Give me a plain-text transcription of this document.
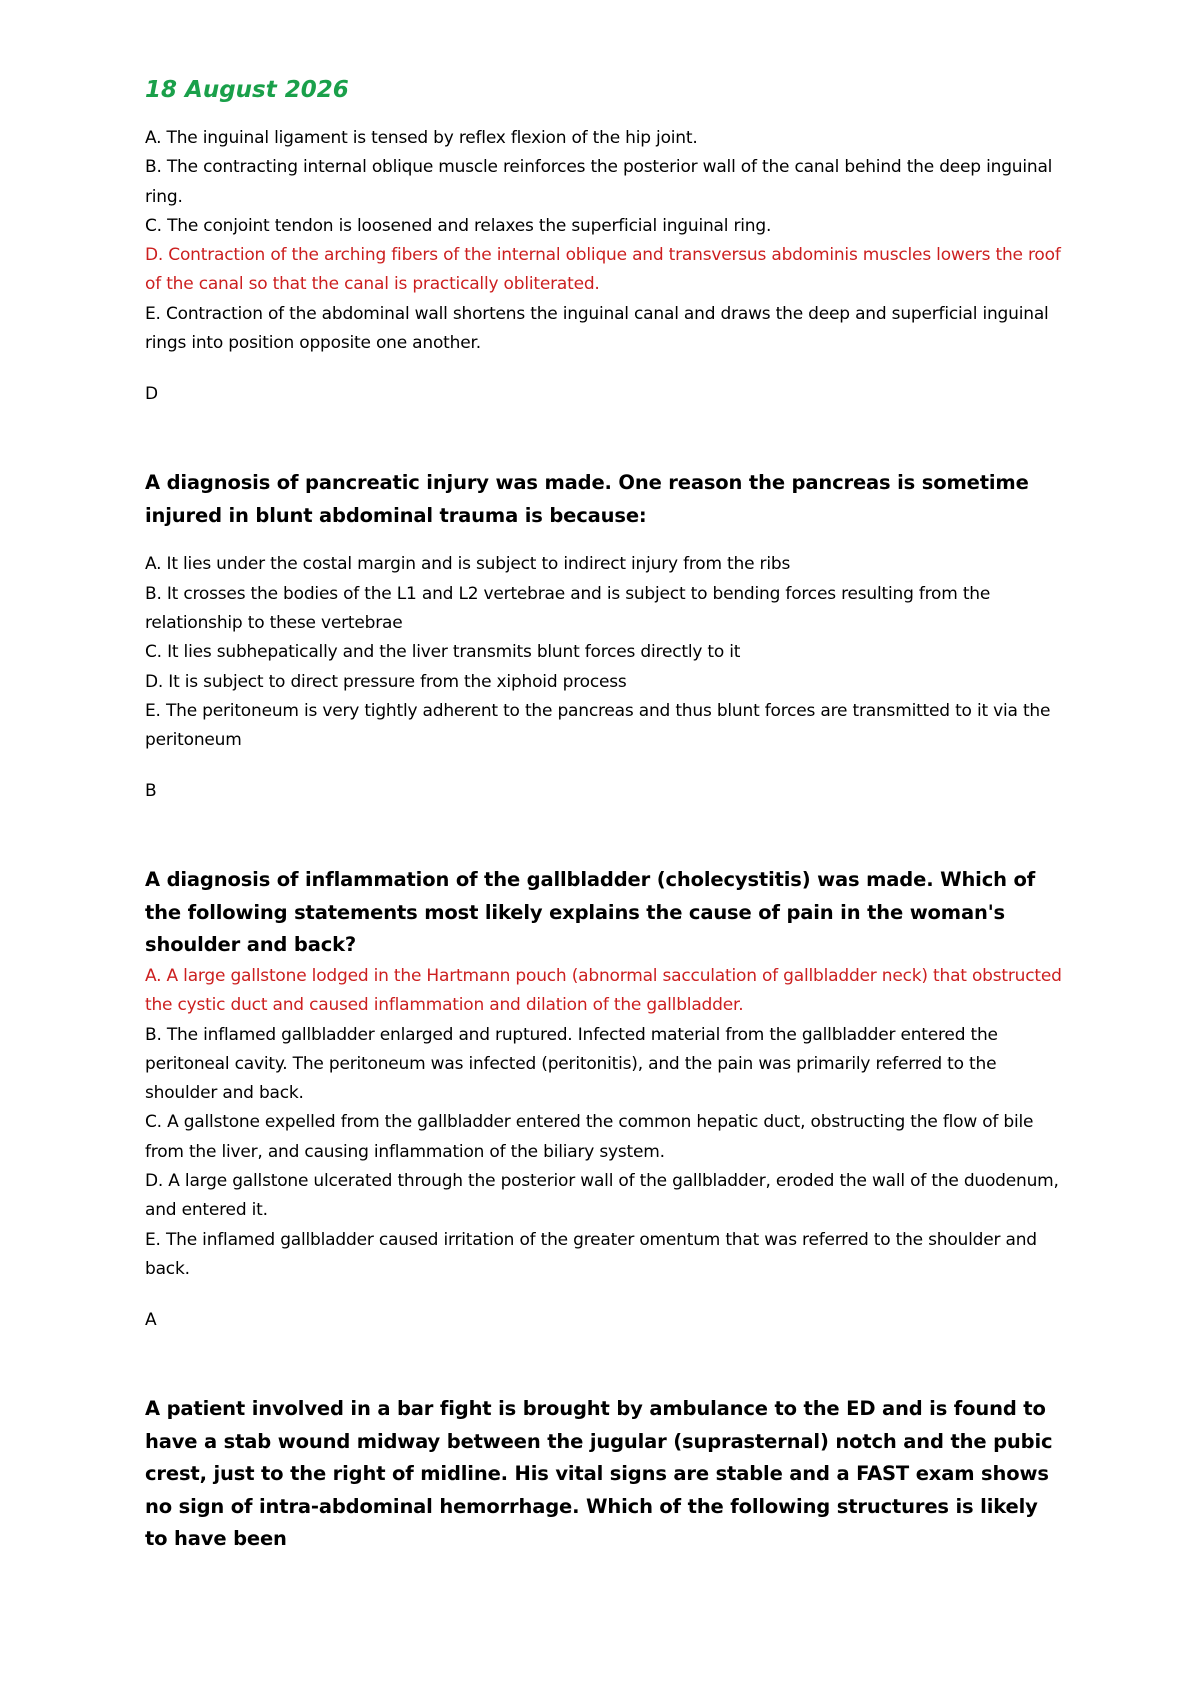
18 August 2026

A. The inguinal ligament is tensed by reflex flexion of the hip joint.

B. The contracting internal oblique muscle reinforces the posterior wall of the canal behind the deep inguinal ring.

C. The conjoint tendon is loosened and relaxes the superficial inguinal ring.

D. Contraction of the arching fibers of the internal oblique and transversus abdominis muscles lowers the roof of the canal so that the canal is practically obliterated.

E. Contraction of the abdominal wall shortens the inguinal canal and draws the deep and superficial inguinal rings into position opposite one another.

D

A diagnosis of pancreatic injury was made. One reason the pancreas is sometime injured in blunt abdominal trauma is because:

A. It lies under the costal margin and is subject to indirect injury from the ribs

B. It crosses the bodies of the L1 and L2 vertebrae and is subject to bending forces resulting from the relationship to these vertebrae

C. It lies subhepatically and the liver transmits blunt forces directly to it

D. It is subject to direct pressure from the xiphoid process

E. The peritoneum is very tightly adherent to the pancreas and thus blunt forces are transmitted to it via the peritoneum

B

A diagnosis of inflammation of the gallbladder (cholecystitis) was made. Which of the following statements most likely explains the cause of pain in the woman's shoulder and back?

A. A large gallstone lodged in the Hartmann pouch (abnormal sacculation of gallbladder neck) that obstructed the cystic duct and caused inflammation and dilation of the gallbladder.

B. The inflamed gallbladder enlarged and ruptured. Infected material from the gallbladder entered the peritoneal cavity. The peritoneum was infected (peritonitis), and the pain was primarily referred to the shoulder and back.

C. A gallstone expelled from the gallbladder entered the common hepatic duct, obstructing the flow of bile from the liver, and causing inflammation of the biliary system.

D. A large gallstone ulcerated through the posterior wall of the gallbladder, eroded the wall of the duodenum, and entered it.

E. The inflamed gallbladder caused irritation of the greater omentum that was referred to the shoulder and back.

A

A patient involved in a bar fight is brought by ambulance to the ED and is found to have a stab wound midway between the jugular (suprasternal) notch and the pubic crest, just to the right of midline. His vital signs are stable and a FAST exam shows no sign of intra-abdominal hemorrhage. Which of the following structures is likely to have been
